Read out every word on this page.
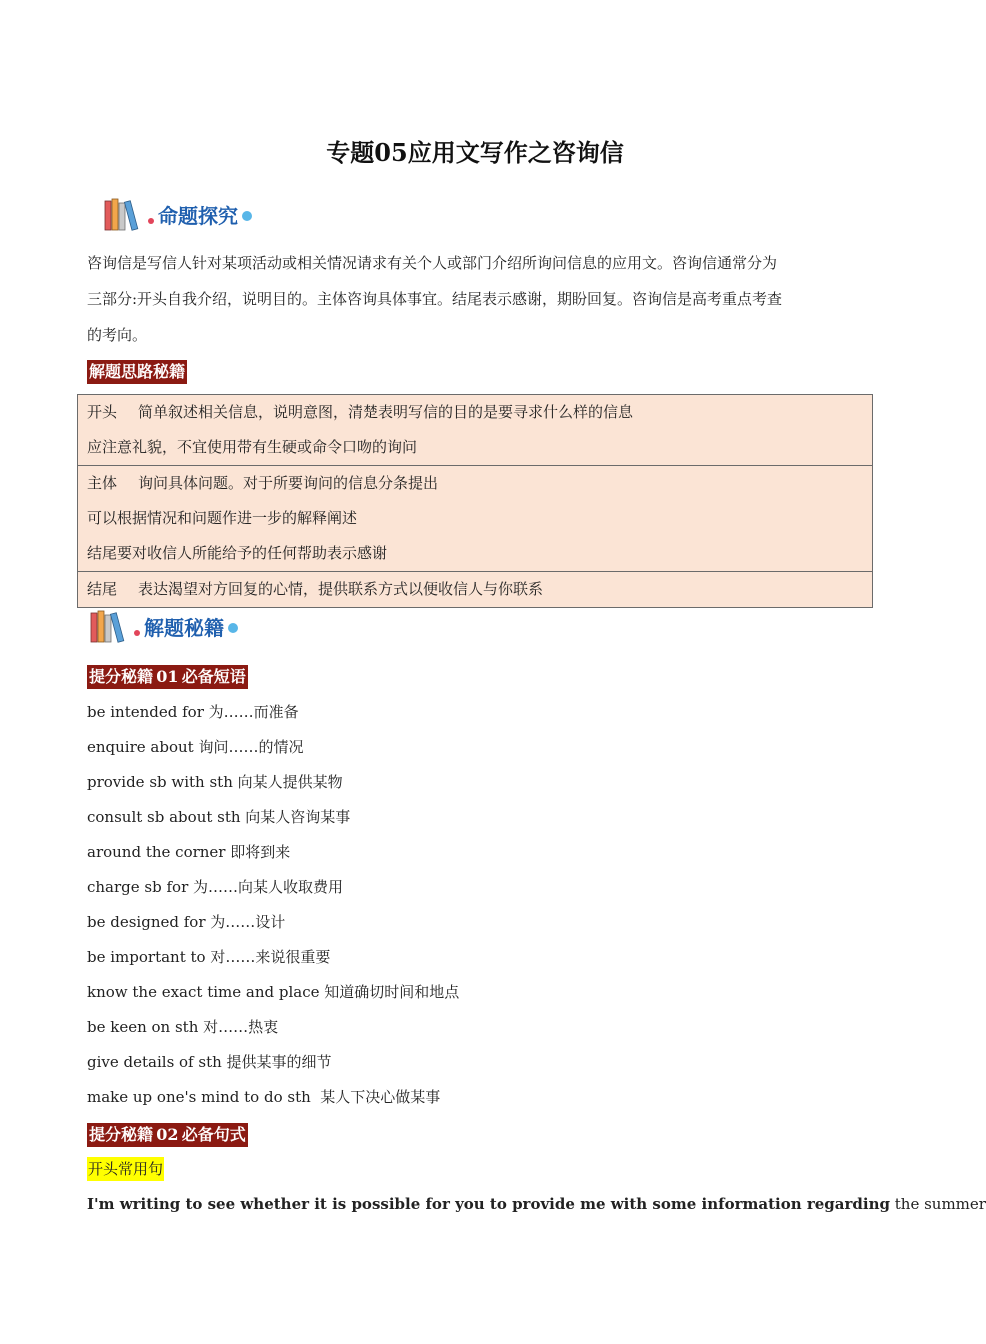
专题05应用文写作之咨询信
命题探究

咨询信是写信人针对某项活动或相关情况请求有关个人或部门介绍所询问信息的应用文。咨询信通常分为
三部分:开头自我介绍，说明目的。主体咨询具体事宜。结尾表示感谢，期盼回复。咨询信是高考重点考查
的考向。

解题思路秘籍
开头 简单叙述相关信息，说明意图，清楚表明写信的目的是要寻求什么样的信息
应注意礼貌，不宜使用带有生硬或命令口吻的询问

主体 询问具体问题。对于所要询问的信息分条提出
可以根据情况和问题作进一步的解释阐述
结尾要对收信人所能给予的任何帮助表示感谢

结尾 表达渴望对方回复的心情，提供联系方式以便收信人与你联系
解题秘籍
提分秘籍  01  必备短语
be intended for 为……而准备
enquire about 询问……的情况
provide sb with sth 向某人提供某物
consult sb about sth 向某人咨询某事
around the corner 即将到来
charge sb for 为……向某人收取费用
be designed for 为……设计
be important to 对……来说很重要
know the exact time and place 知道确切时间和地点
be keen on sth 对……热衷
give details of sth 提供某事的细节
make up one's mind to do sth  某人下决心做某事
提分秘籍  02  必备句式
开头常用句
I'm writing to see whether it is possible for you to provide me with some information regarding the summer
